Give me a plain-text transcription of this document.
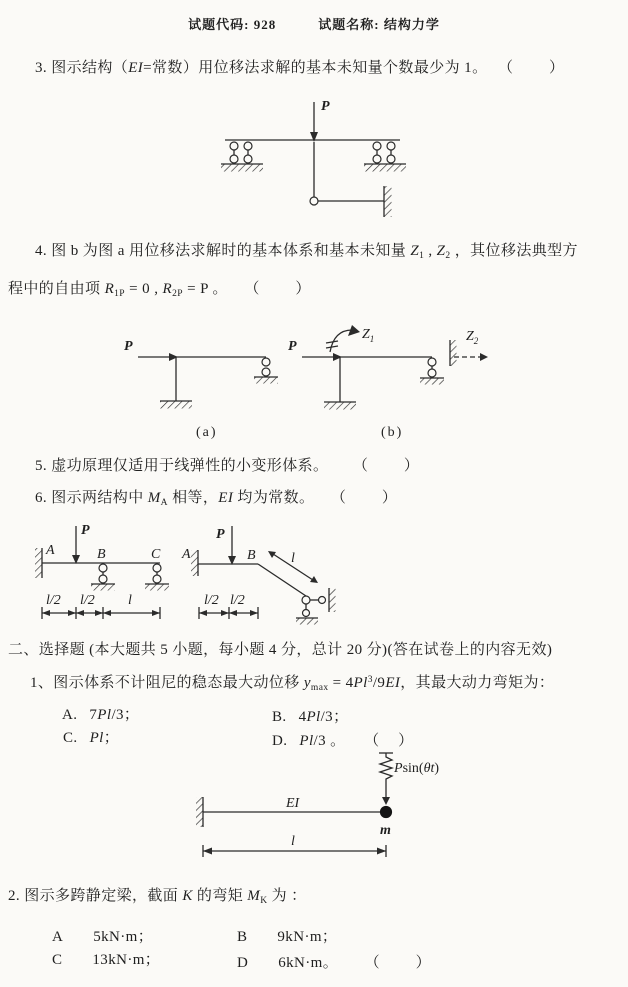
试题代码: 928	试题名称: 结构力学
3. 图示结构（EI=常数）用位移法求解的基本未知量个数最少为 1。 （　　）
P
4. 图 b 为图 a 用位移法求解时的基本体系和基本未知量 $Z_1$ , $Z_2$ ，其位移法典型方
程中的自由项 $R_{1P} = 0$ , $R_{2P} = P$ 。 （　　）
P
(a)
P
$Z_1$	$Z_2$
(b)
5. 虚功原理仅适用于线弹性的小变形体系。 （　　）
6. 图示两结构中 $M_A$ 相等，EI 均为常数。 （　　）
A
P
B	C
l/2 l/2 l
A
P
B	l
l/2 l/2
二、选择题 (本大题共 5 小题，每小题 4 分，总计 20 分)(答在试卷上的内容无效)
1、图示体系不计阻尼的稳态最大动位移 $y_{max} = 4Pl^3/9EI$，其最大动力弯矩为：
A. 7Pl/3；	B. 4Pl/3；
C. Pl；	D. Pl/3 。 （　）
EI
Psin(θt)
m
l
2. 图示多跨静定梁，截面 K 的弯矩 $M_K$ 为 ：
A 5kN·m；	B 9kN·m；
C 13kN·m；	D 6kN·m。 （　　）
